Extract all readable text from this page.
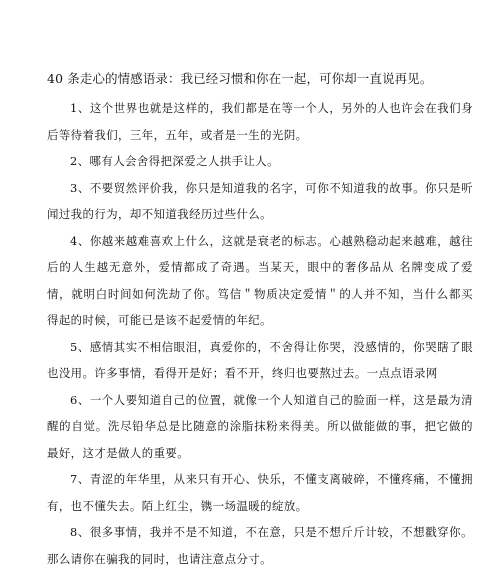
40 条走心的情感语录：我已经习惯和你在一起，可你却一直说再见。

1、这个世界也就是这样的，我们都是在等一个人，另外的人也许会在我们身后等待着我们，三年，五年，或者是一生的光阴。

2、哪有人会舍得把深爱之人拱手让人。

3、不要贸然评价我，你只是知道我的名字，可你不知道我的故事。你只是听闻过我的行为，却不知道我经历过些什么。

4、你越来越难喜欢上什么，这就是衰老的标志。心越熟稳动起来越难，越往后的人生越无意外，爱情都成了奇遇。当某天，眼中的奢侈品从 名牌变成了爱情，就明白时间如何洗劫了你。笃信＂物质决定爱情＂的人并不知，当什么都买得起的时候，可能已是该不起爱情的年纪。

5、感情其实不相信眼泪，真爱你的，不舍得让你哭，没感情的，你哭瞎了眼也没用。许多事情，看得开是好；看不开，终归也要熬过去。一点点语录网

6、一个人要知道自己的位置，就像一个人知道自己的脸面一样，这是最为清醒的自觉。洗尽铅华总是比随意的涂脂抹粉来得美。所以做能做的事，把它做的最好，这才是做人的重要。

7、青涩的年华里，从来只有开心、快乐，不懂支离破碎，不懂疼痛，不懂拥有，也不懂失去。陌上红尘，镌一场温暖的绽放。

8、很多事情，我并不是不知道，不在意，只是不想斤斤计较，不想戳穿你。那么请你在骗我的同时，也请注意点分寸。
